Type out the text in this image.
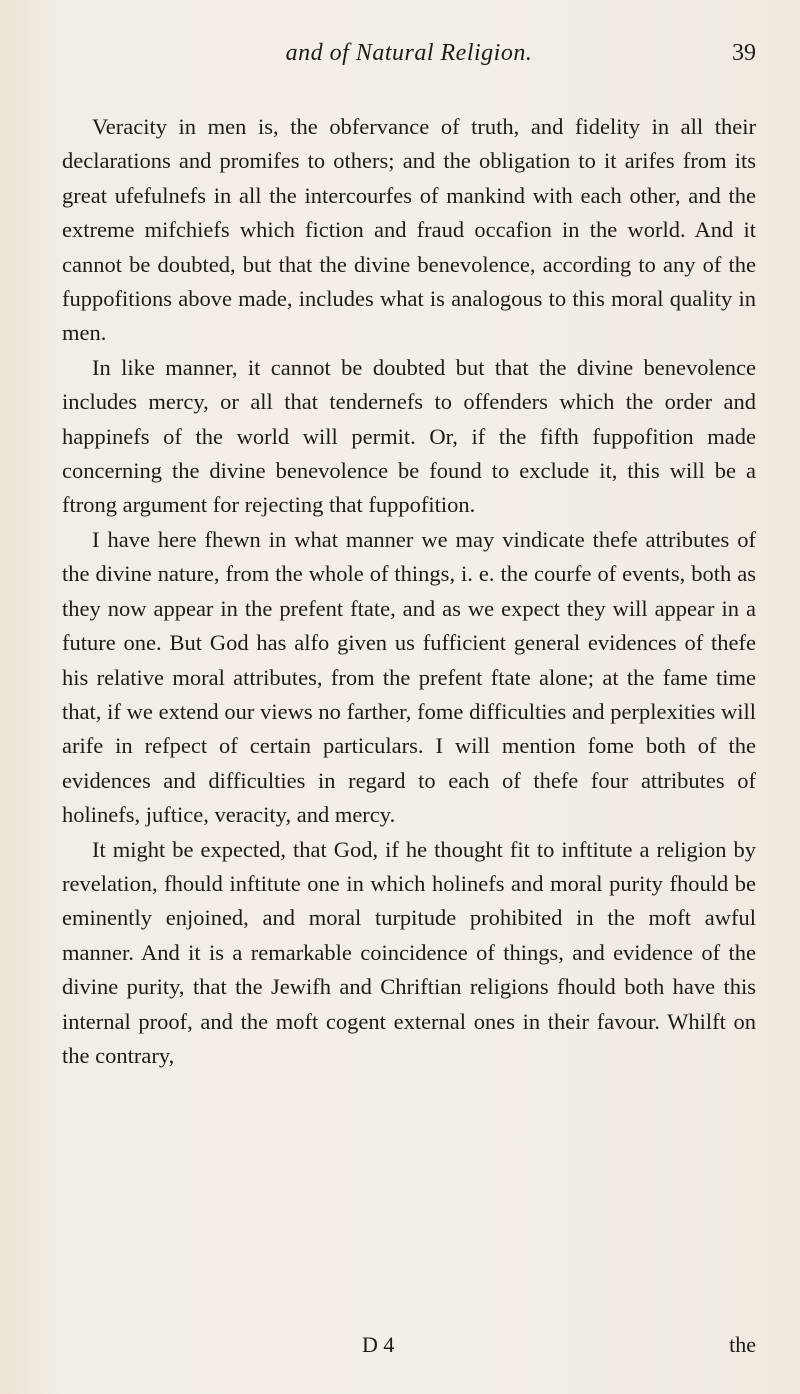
and of Natural Religion.	39

Veracity in men is, the obfervance of truth, and fidelity in all their declarations and promifes to others; and the obligation to it arifes from its great ufefulnefs in all the intercourfes of mankind with each other, and the extreme mifchiefs which fiction and fraud occafion in the world. And it cannot be doubted, but that the divine benevolence, according to any of the fuppofitions above made, includes what is analogous to this moral quality in men.

In like manner, it cannot be doubted but that the divine benevolence includes mercy, or all that tendernefs to offenders which the order and happinefs of the world will permit. Or, if the fifth fuppofition made concerning the divine benevolence be found to exclude it, this will be a ftrong argument for rejecting that fuppofition.

I have here fhewn in what manner we may vindicate thefe attributes of the divine nature, from the whole of things, i. e. the courfe of events, both as they now appear in the prefent ftate, and as we expect they will appear in a future one. But God has alfo given us fufficient general evidences of thefe his relative moral attributes, from the prefent ftate alone; at the fame time that, if we extend our views no farther, fome difficulties and perplexities will arife in refpect of certain particulars. I will mention fome both of the evidences and difficulties in regard to each of thefe four attributes of holinefs, juftice, veracity, and mercy.

It might be expected, that God, if he thought fit to inftitute a religion by revelation, fhould inftitute one in which holinefs and moral purity fhould be eminently enjoined, and moral turpitude prohibited in the moft awful manner. And it is a remarkable coincidence of things, and evidence of the divine purity, that the Jewifh and Chriftian religions fhould both have this internal proof, and the moft cogent external ones in their favour. Whilft on the contrary,

D 4	the
